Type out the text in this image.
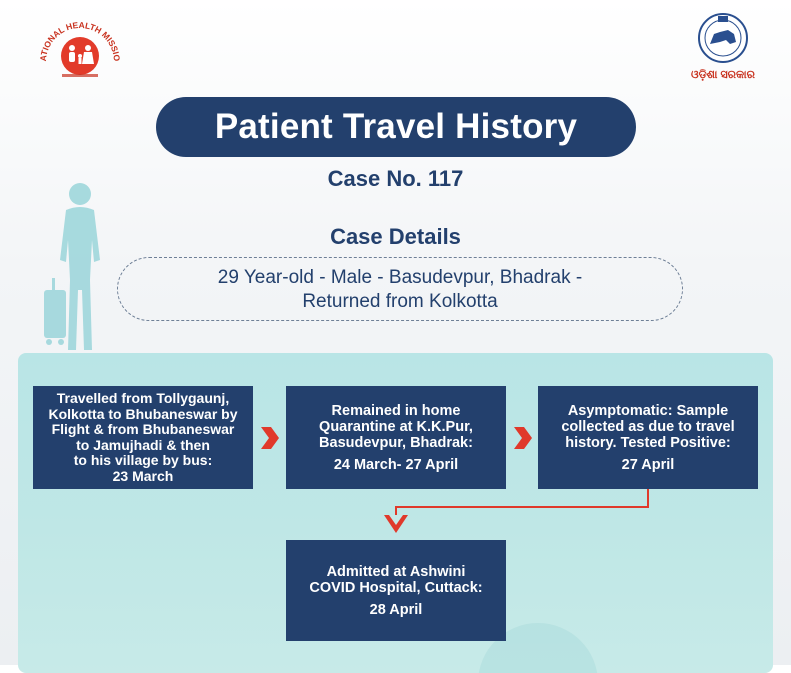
ATIONAL HEALTH MISSIO
ଓଡ଼ିଶା ସରକାର
Patient Travel History
Case No. 117
Case Details
29 Year-old - Male - Basudevpur, Bhadrak -
Returned from Kolkotta
Travelled from Tollygaunj,
Kolkotta to Bhubaneswar by
Flight & from Bhubaneswar
to Jamujhadi & then
to his village by bus:
23 March
Remained in home
Quarantine at K.K.Pur,
Basudevpur, Bhadrak:
24 March- 27 April
Asymptomatic: Sample
collected as due to travel
history. Tested Positive:
27 April
Admitted at Ashwini
COVID Hospital, Cuttack:
28 April
